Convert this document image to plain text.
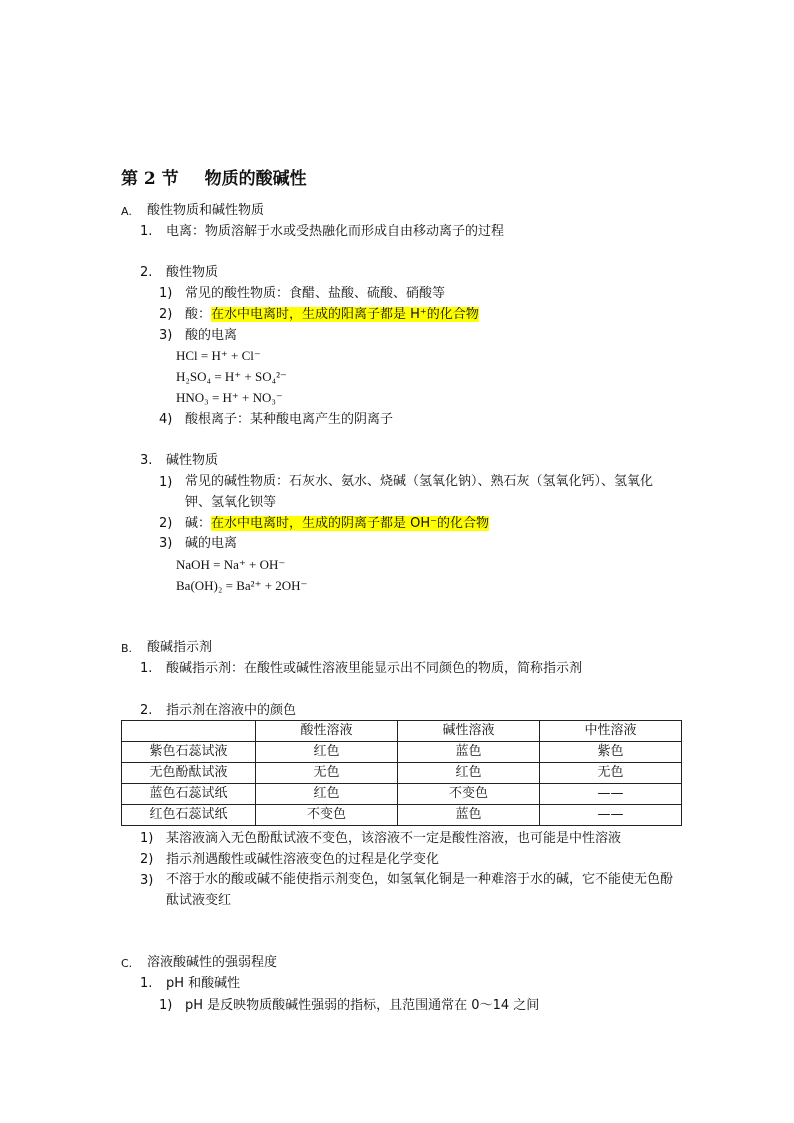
第 2 节 物质的酸碱性
A. 酸性物质和碱性物质
1. 电离：物质溶解于水或受热融化而形成自由移动离子的过程
2. 酸性物质
1) 常见的酸性物质：食醋、盐酸、硫酸、硝酸等
2) 酸：在水中电离时，生成的阳离子都是 H⁺的化合物
3) 酸的电离
HCl = H⁺ + Cl⁻
H₂SO₄ = H⁺ + SO₄²⁻
HNO₃ = H⁺ + NO₃⁻
4) 酸根离子：某种酸电离产生的阴离子
3. 碱性物质
1) 常见的碱性物质：石灰水、氨水、烧碱（氢氧化钠）、熟石灰（氢氧化钙）、氢氧化钾、氢氧化钡等
2) 碱：在水中电离时，生成的阴离子都是 OH⁻的化合物
3) 碱的电离
NaOH = Na⁺ + OH⁻
Ba(OH)₂ = Ba²⁺ + 2OH⁻
B. 酸碱指示剂
1. 酸碱指示剂：在酸性或碱性溶液里能显示出不同颜色的物质，简称指示剂
2. 指示剂在溶液中的颜色
	酸性溶液	碱性溶液	中性溶液
紫色石蕊试液	红色	蓝色	紫色
无色酚酞试液	无色	红色	无色
蓝色石蕊试纸	红色	不变色	——
红色石蕊试纸	不变色	蓝色	——
1) 某溶液滴入无色酚酞试液不变色，该溶液不一定是酸性溶液，也可能是中性溶液
2) 指示剂遇酸性或碱性溶液变色的过程是化学变化
3) 不溶于水的酸或碱不能使指示剂变色，如氢氧化铜是一种难溶于水的碱，它不能使无色酚酞试液变红
C. 溶液酸碱性的强弱程度
1. pH 和酸碱性
1) pH 是反映物质酸碱性强弱的指标，且范围通常在 0～14 之间
